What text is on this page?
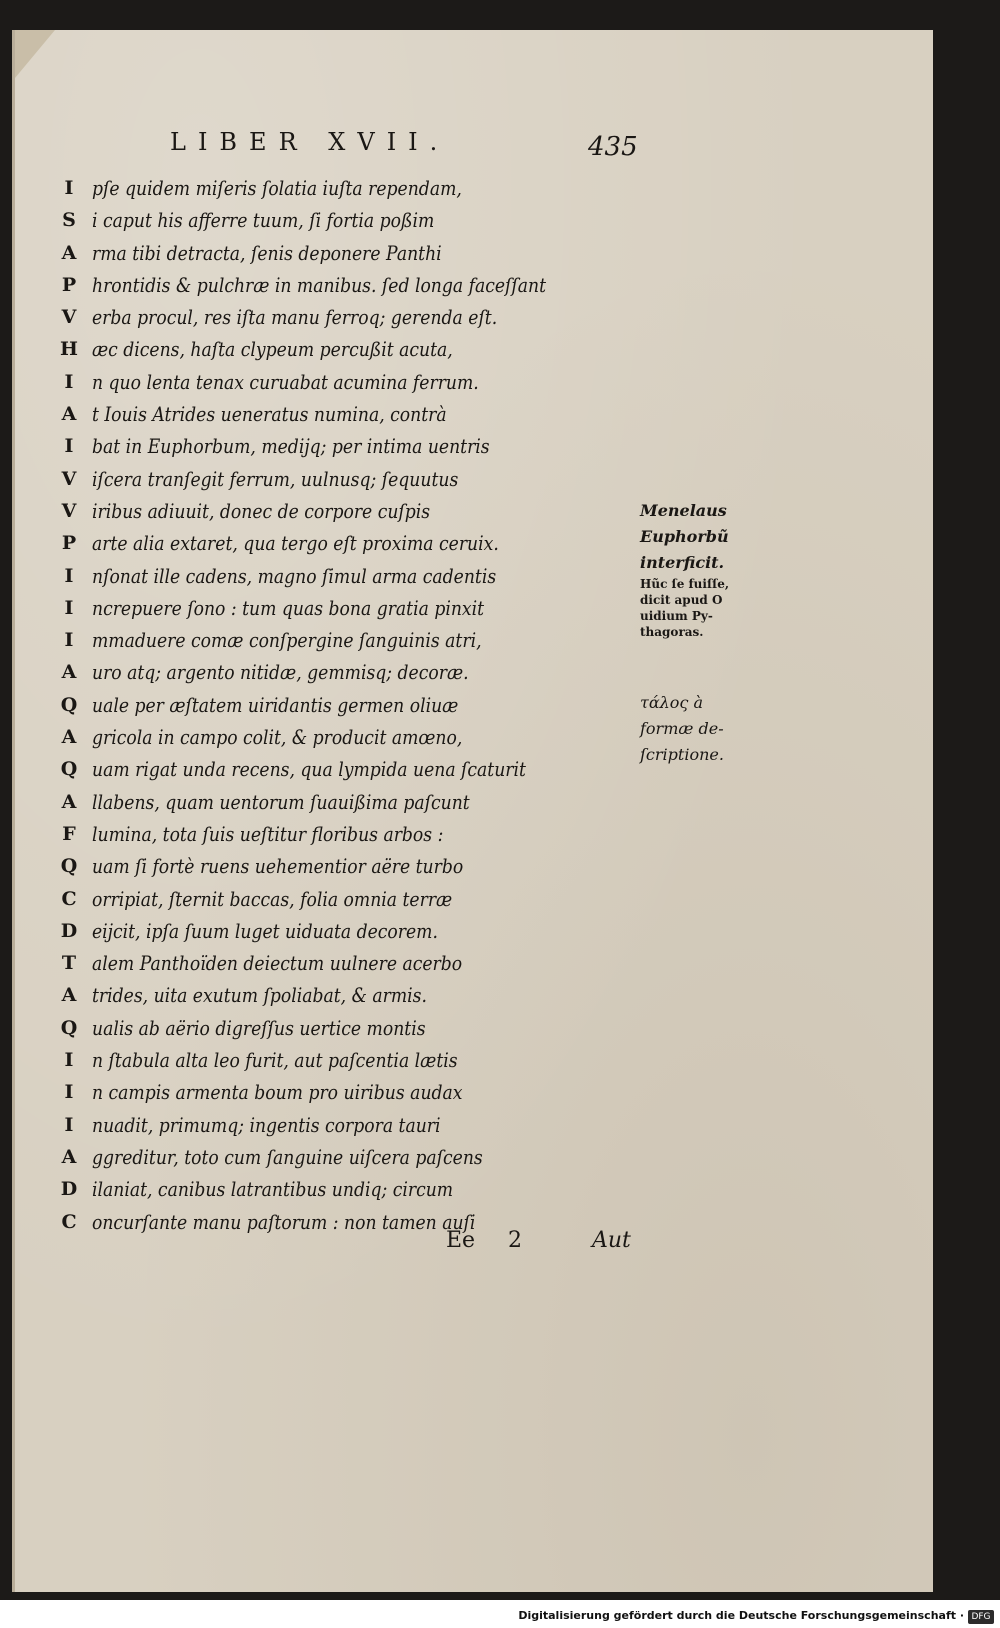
LIBER XVII.	435
I pſe quidem miſeris ſolatia iuſta rependam,
S i caput his afferre tuum, ſi fortia poßim
A rma tibi detracta, ſenis deponere Panthi
P hrontidis & pulchræ in manibus. ſed longa faceſſant
V erba procul, res iſta manu ferroq; gerenda eſt.
H æc dicens, haſta clypeum percußit acuta,
I n quo lenta tenax curuabat acumina ferrum.
A t Iouis Atrides ueneratus numina, contrà
I bat in Euphorbum, medijq; per intima uentris
V iſcera tranſegit ferrum, uulnusq; ſequutus
V iribus adiuuit, donec de corpore cuſpis
P arte alia extaret, qua tergo eſt proxima ceruix.
I nſonat ille cadens, magno ſimul arma cadentis
I ncrepuere ſono : tum quas bona gratia pinxit
I mmaduere comæ conſpergine ſanguinis atri,
A uro atq; argento nitidæ, gemmisq; decoræ.
Q uale per æſtatem uiridantis germen oliuæ
A gricola in campo colit, & producit amœno,
Q uam rigat unda recens, qua lympida uena ſcaturit
A llabens, quam uentorum ſuauißima paſcunt
F lumina, tota ſuis ueſtitur floribus arbos :
Q uam ſi fortè ruens uehementior aëre turbo
C orripiat, ſternit baccas, folia omnia terræ
D eijcit, ipſa ſuum luget uiduata decorem.
T alem Panthoïden deiectum uulnere acerbo
A trides, uita exutum ſpoliabat, & armis.
Q ualis ab aërio digreſſus uertice montis
I n ſtabula alta leo furit, aut paſcentia lætis
I n campis armenta boum pro uiribus audax
I nuadit, primumq; ingentis corpora tauri
A ggreditur, toto cum ſanguine uiſcera paſcens
D ilaniat, canibus latrantibus undiq; circum
C oncurſante manu paſtorum : non tamen auſi
Menelaus
Euphorbũ
interficit.
Hũc ſe fuiſſe,
dicit apud O
uidium Py-
thagoras.
τάλος à
formæ de-
ſcriptione.
Ee 2	Aut
Digitalisierung gefördert durch die Deutsche Forschungsgemeinschaft · DFG
